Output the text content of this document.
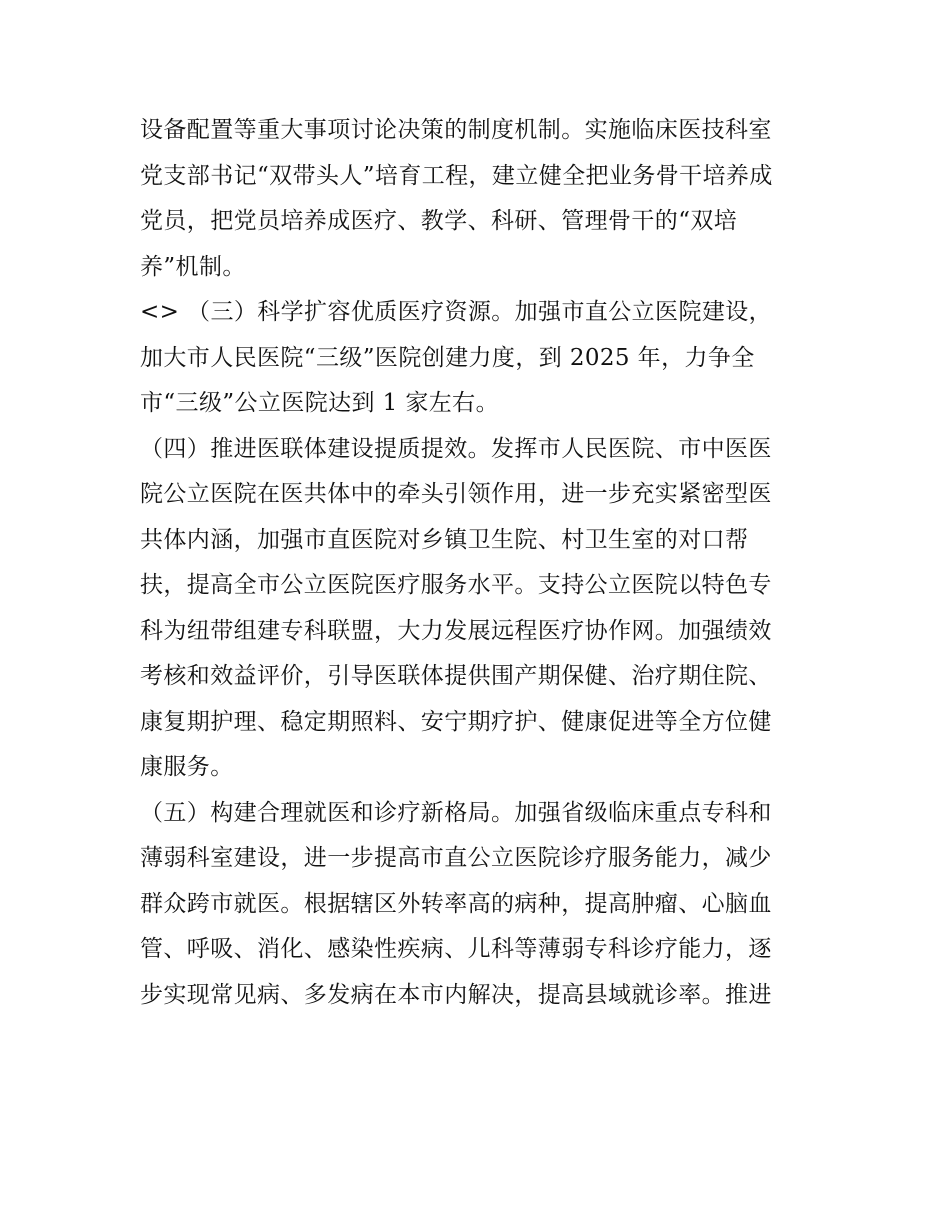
设备配置等重大事项讨论决策的制度机制。实施临床医技科室
党支部书记“双带头人”培育工程，建立健全把业务骨干培养成
党员，把党员培养成医疗、教学、科研、管理骨干的“双培
养”机制。
<> （三）科学扩容优质医疗资源。加强市直公立医院建设，
加大市人民医院“三级”医院创建力度，到 2025 年，力争全
市“三级”公立医院达到 1 家左右。
（四）推进医联体建设提质提效。发挥市人民医院、市中医医
院公立医院在医共体中的牵头引领作用，进一步充实紧密型医
共体内涵，加强市直医院对乡镇卫生院、村卫生室的对口帮
扶，提高全市公立医院医疗服务水平。支持公立医院以特色专
科为纽带组建专科联盟，大力发展远程医疗协作网。加强绩效
考核和效益评价，引导医联体提供围产期保健、治疗期住院、
康复期护理、稳定期照料、安宁期疗护、健康促进等全方位健
康服务。
（五）构建合理就医和诊疗新格局。加强省级临床重点专科和
薄弱科室建设，进一步提高市直公立医院诊疗服务能力，减少
群众跨市就医。根据辖区外转率高的病种，提高肿瘤、心脑血
管、呼吸、消化、感染性疾病、儿科等薄弱专科诊疗能力，逐
步实现常见病、多发病在本市内解决，提高县域就诊率。推进
